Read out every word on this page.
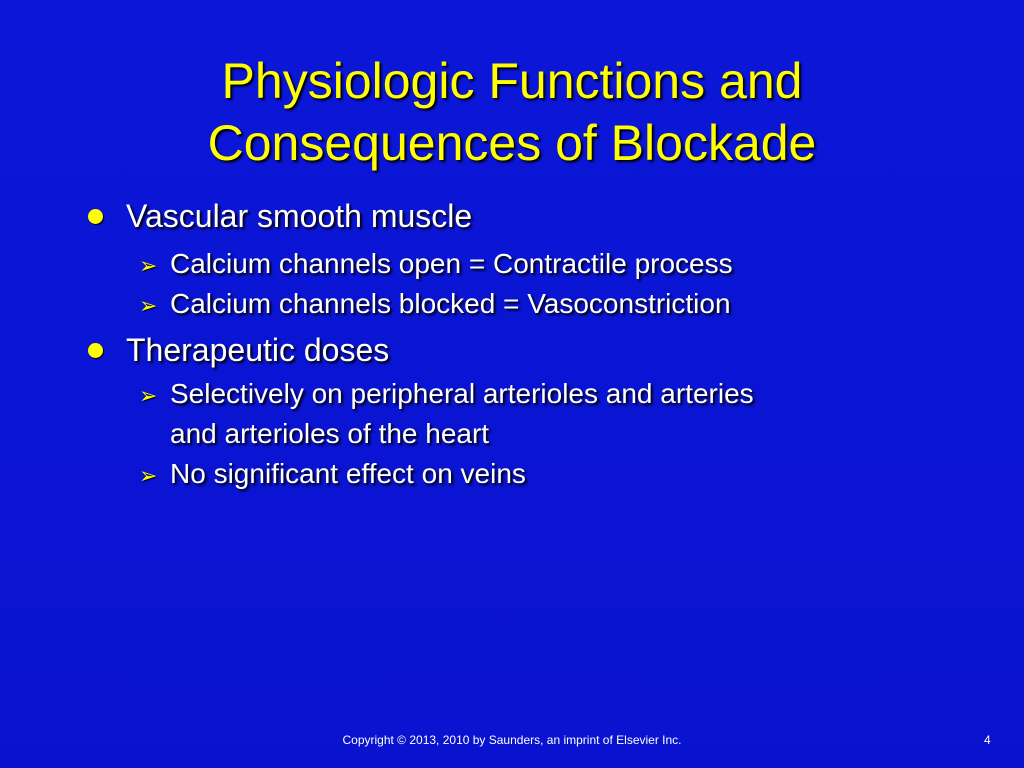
Physiologic Functions and
Consequences of Blockade
Vascular smooth muscle
➢ Calcium channels open = Contractile process
➢ Calcium channels blocked = Vasoconstriction
Therapeutic doses
➢ Selectively on peripheral arterioles and arteries
and arterioles of the heart
➢ No significant effect on veins
Copyright © 2013, 2010 by Saunders, an imprint of Elsevier Inc.	4
